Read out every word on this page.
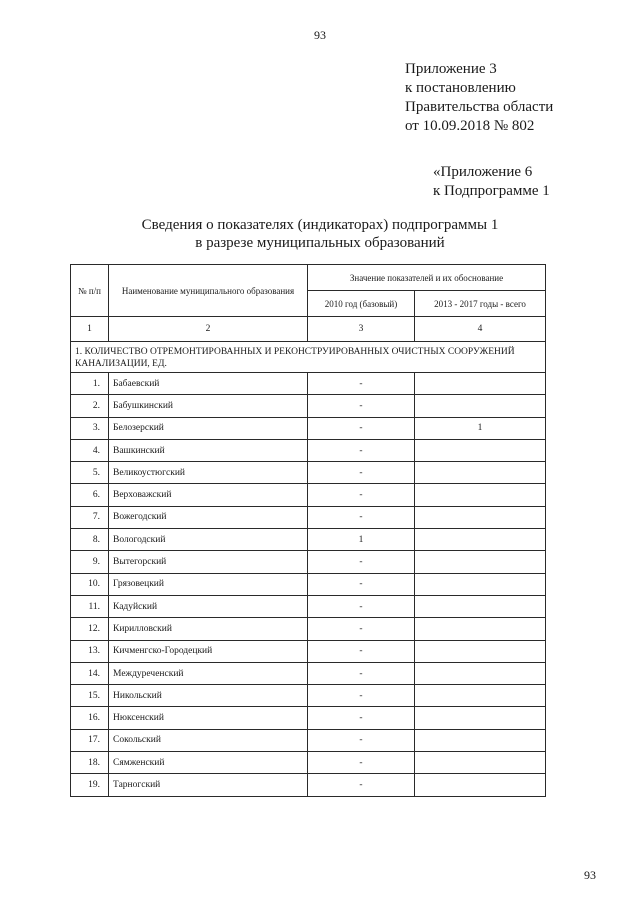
93
Приложение 3
к постановлению
Правительства области
от 10.09.2018 № 802
«Приложение 6
к Подпрограмме 1
Сведения о показателях (индикаторах) подпрограммы 1
в разрезе муниципальных образований
№ п/п	Наименование муниципального образования	Значение показателей и их обоснование	
		2010 год (базовый)	2013 - 2017 годы - всего
1	2	3	4
1. КОЛИЧЕСТВО ОТРЕМОНТИРОВАННЫХ И РЕКОНСТРУИРОВАННЫХ ОЧИСТНЫХ СООРУЖЕНИЙ КАНАЛИЗАЦИИ, ЕД.			
1.	Бабаевский	-	
2.	Бабушкинский	-	
3.	Белозерский	-	1
4.	Вашкинский	-	
5.	Великоустюгский	-	
6.	Верховажский	-	
7.	Вожегодский	-	
8.	Вологодский	1	
9.	Вытегорский	-	
10.	Грязовецкий	-	
11.	Кадуйский	-	
12.	Кирилловский	-	
13.	Кичменгско-Городецкий	-	
14.	Междуреченский	-	
15.	Никольский	-	
16.	Нюксенский	-	
17.	Сокольский	-	
18.	Сямженский	-	
19.	Тарногский	-	
93
